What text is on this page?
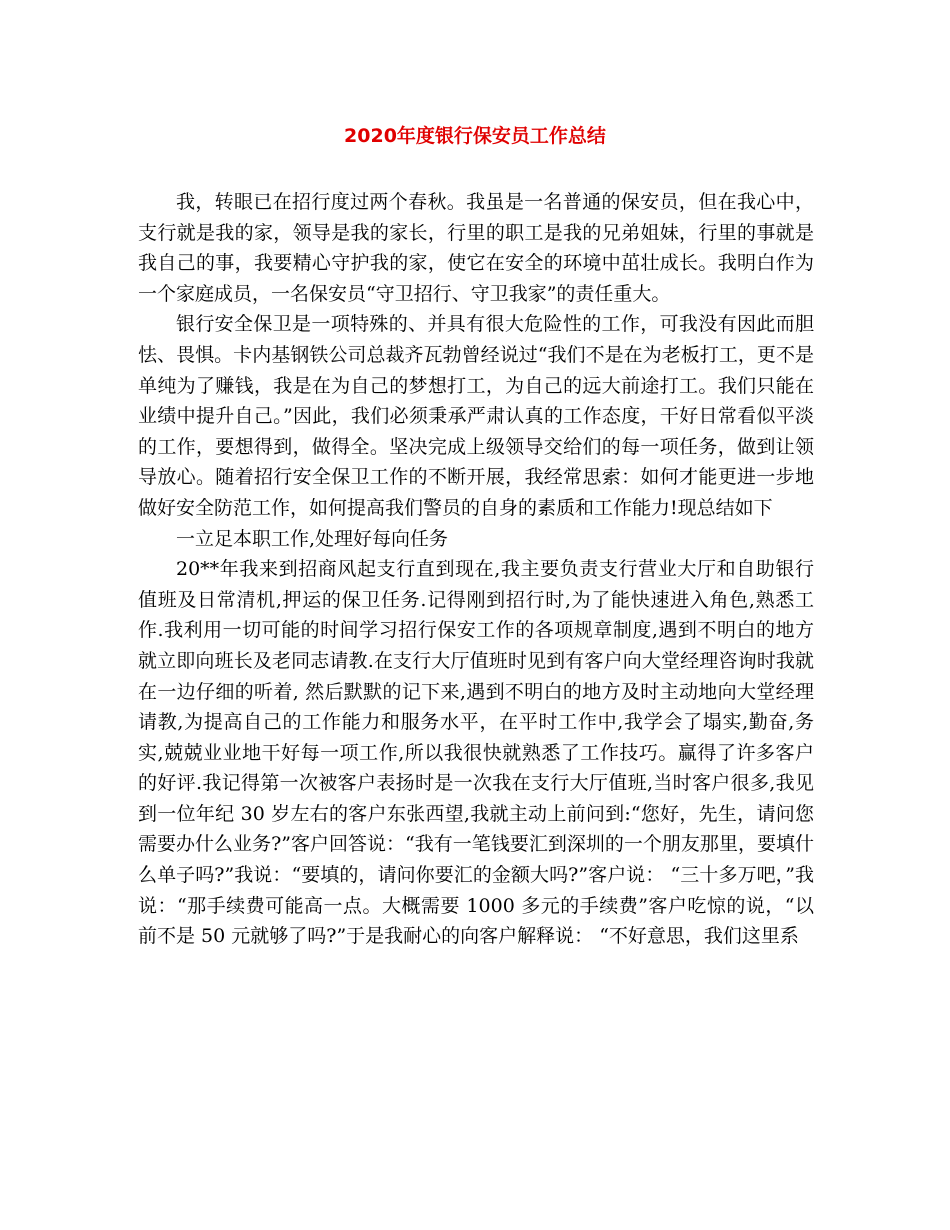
2020年度银行保安员工作总结

我，转眼已在招行度过两个春秋。我虽是一名普通的保安员，但在我心中，支行就是我的家，领导是我的家长，行里的职工是我的兄弟姐妹，行里的事就是我自己的事，我要精心守护我的家，使它在安全的环境中茁壮成长。我明白作为一个家庭成员，一名保安员“守卫招行、守卫我家”的责任重大。

银行安全保卫是一项特殊的、并具有很大危险性的工作，可我没有因此而胆怯、畏惧。卡内基钢铁公司总裁齐瓦勃曾经说过“我们不是在为老板打工，更不是单纯为了赚钱，我是在为自己的梦想打工，为自己的远大前途打工。我们只能在业绩中提升自己。”因此，我们必须秉承严肃认真的工作态度，干好日常看似平淡的工作，要想得到，做得全。坚决完成上级领导交给们的每一项任务，做到让领导放心。随着招行安全保卫工作的不断开展，我经常思索：如何才能更进一步地做好安全防范工作，如何提高我们警员的自身的素质和工作能力!现总结如下

一立足本职工作,处理好每向任务

20**年我来到招商风起支行直到现在,我主要负责支行营业大厅和自助银行值班及日常清机,押运的保卫任务.记得刚到招行时,为了能快速进入角色,熟悉工作.我利用一切可能的时间学习招行保安工作的各项规章制度,遇到不明白的地方就立即向班长及老同志请教.在支行大厅值班时见到有客户向大堂经理咨询时我就在一边仔细的听着, 然后默默的记下来,遇到不明白的地方及时主动地向大堂经理请教,为提高自己的工作能力和服务水平，在平时工作中,我学会了塌实,勤奋,务实,兢兢业业地干好每一项工作,所以我很快就熟悉了工作技巧。赢得了许多客户的好评.我记得第一次被客户表扬时是一次我在支行大厅值班,当时客户很多,我见到一位年纪 30 岁左右的客户东张西望,我就主动上前问到:“您好，先生，请问您需要办什么业务?”客户回答说：“我有一笔钱要汇到深圳的一个朋友那里，要填什么单子吗?”我说：“要填的，请问你要汇的金额大吗?”客户说： “三十多万吧，”我说：“那手续费可能高一点。大概需要 1000 多元的手续费”客户吃惊的说，“以前不是 50 元就够了吗?”于是我耐心的向客户解释说： “不好意思，我们这里系
